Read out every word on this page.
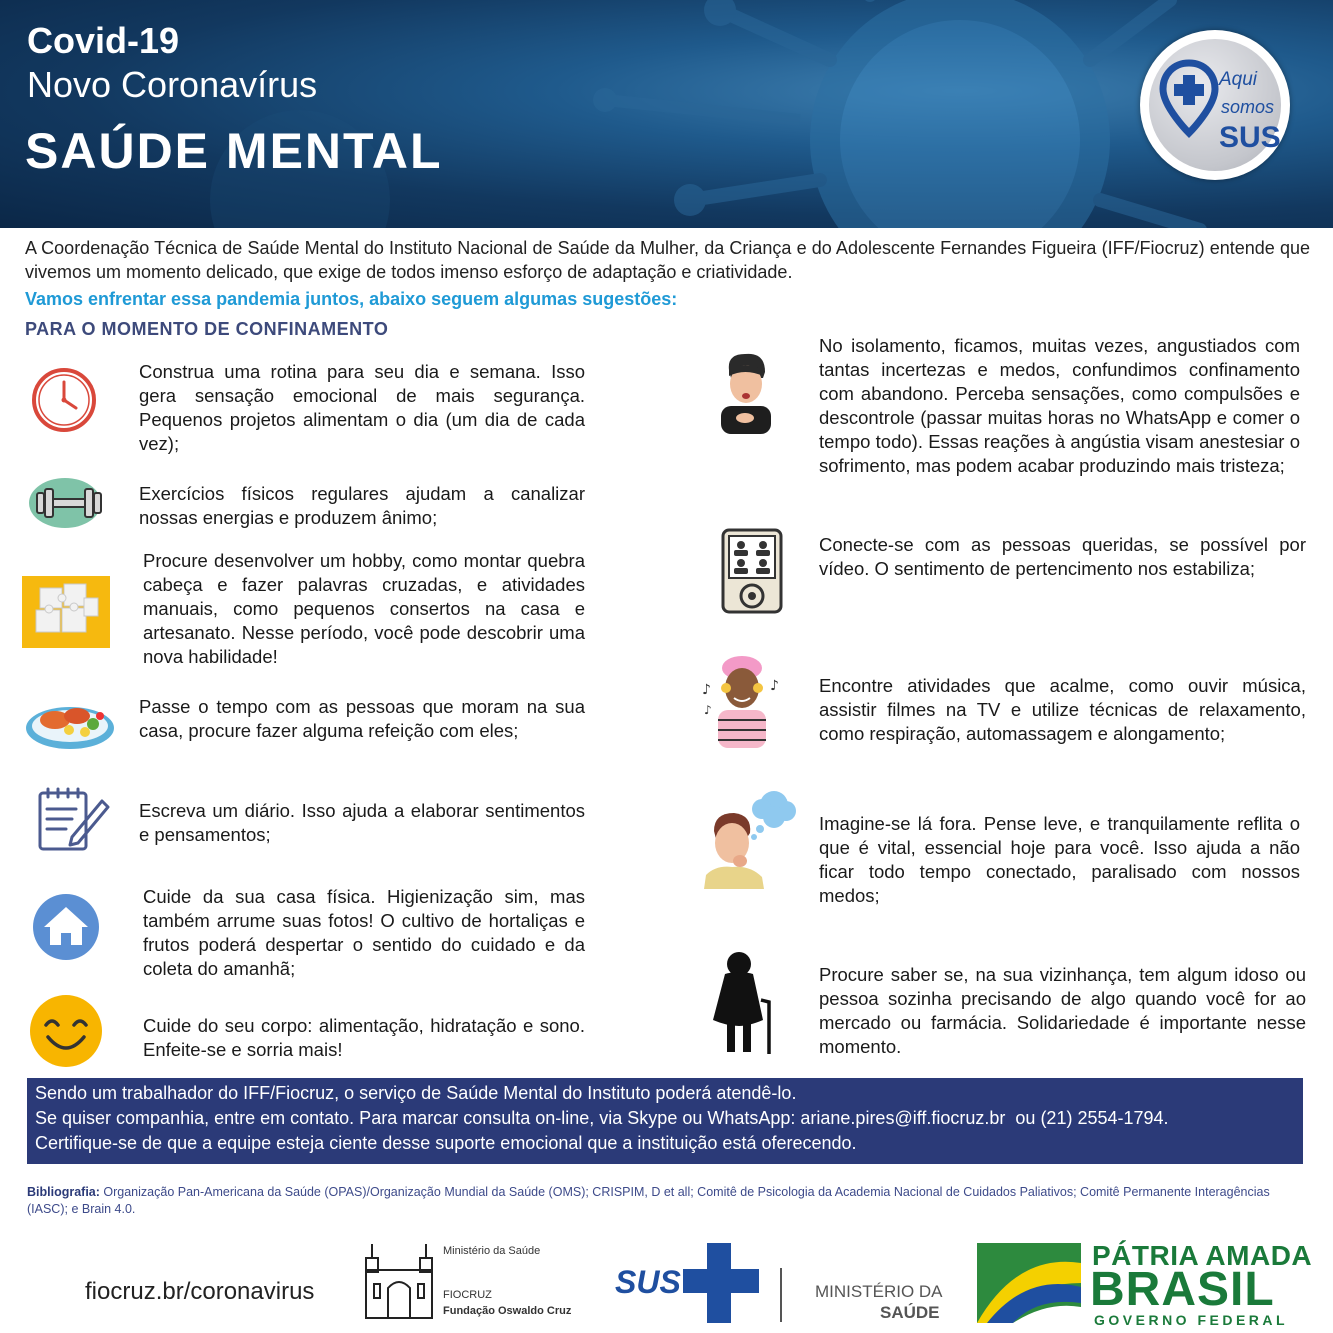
Covid-19
Novo Coronavírus
SAÚDE MENTAL
Aqui
somos
SUS
A Coordenação Técnica de Saúde Mental do Instituto Nacional de Saúde da Mulher, da Criança e do Adolescente Fernandes Figueira (IFF/Fiocruz) entende que vivemos um momento delicado, que exige de todos imenso esforço de adaptação e criatividade.
Vamos enfrentar essa pandemia juntos, abaixo seguem algumas sugestões:
PARA O MOMENTO DE CONFINAMENTO
Construa uma rotina para seu dia e semana. Isso gera sensação emocional de mais segurança. Pequenos projetos alimentam o dia (um dia de cada vez);
Exercícios físicos regulares ajudam a canalizar nossas energias e produzem ânimo;
Procure desenvolver um hobby, como montar quebra cabeça e fazer palavras cruzadas, e atividades manuais, como pequenos consertos na casa e artesanato. Nesse período, você pode descobrir uma nova habilidade!
Passe o tempo com as pessoas que moram na sua casa, procure fazer alguma refeição com eles;
Escreva um diário. Isso ajuda a elaborar sentimentos e pensamentos;
Cuide da sua casa física. Higienização sim, mas também arrume suas fotos! O cultivo de hortaliças e frutos poderá despertar o sentido do cuidado e da coleta do amanhã;
Cuide do seu corpo: alimentação, hidratação e sono. Enfeite-se e sorria mais!
♪	♪
♪
No isolamento, ficamos, muitas vezes, angustiados com tantas incertezas e medos, confundimos confinamento com abandono. Perceba sensações, como compulsões e descontrole (passar muitas horas no WhatsApp e comer o tempo todo). Essas reações à angústia visam anestesiar o sofrimento, mas podem acabar produzindo mais tristeza;
Conecte-se com as pessoas queridas, se possível por vídeo. O sentimento de pertencimento nos estabiliza;
Encontre atividades que acalme, como ouvir música, assistir filmes na TV e utilize técnicas de relaxamento, como respiração, automassagem e alongamento;
Imagine-se lá fora. Pense leve, e tranquilamente reflita o que é vital, essencial hoje para você. Isso ajuda a não ficar todo tempo conectado, paralisado com nossos medos;
Procure saber se, na sua vizinhança, tem algum idoso ou pessoa sozinha precisando de algo quando você for ao mercado ou farmácia. Solidariedade é importante nesse momento.
Sendo um trabalhador do IFF/Fiocruz, o serviço de Saúde Mental do Instituto poderá atendê-lo.
Se quiser companhia, entre em contato. Para marcar consulta on-line, via Skype ou WhatsApp: ariane.pires@iff.fiocruz.br  ou (21) 2554-1794.
Certifique-se de que a equipe esteja ciente desse suporte emocional que a instituição está oferecendo.
Bibliografia: Organização Pan-Americana da Saúde (OPAS)/Organização Mundial da Saúde (OMS); CRISPIM, D et all; Comitê de Psicologia da Academia Nacional de Cuidados Paliativos; Comitê Permanente Interagências (IASC); e Brain 4.0.
fiocruz.br/coronavirus
Ministério da Saúde
FIOCRUZ
Fundação Oswaldo Cruz
SUS	MINISTÉRIO DA
SAÚDE
PÁTRIA AMADA
BRASIL
GOVERNO FEDERAL
